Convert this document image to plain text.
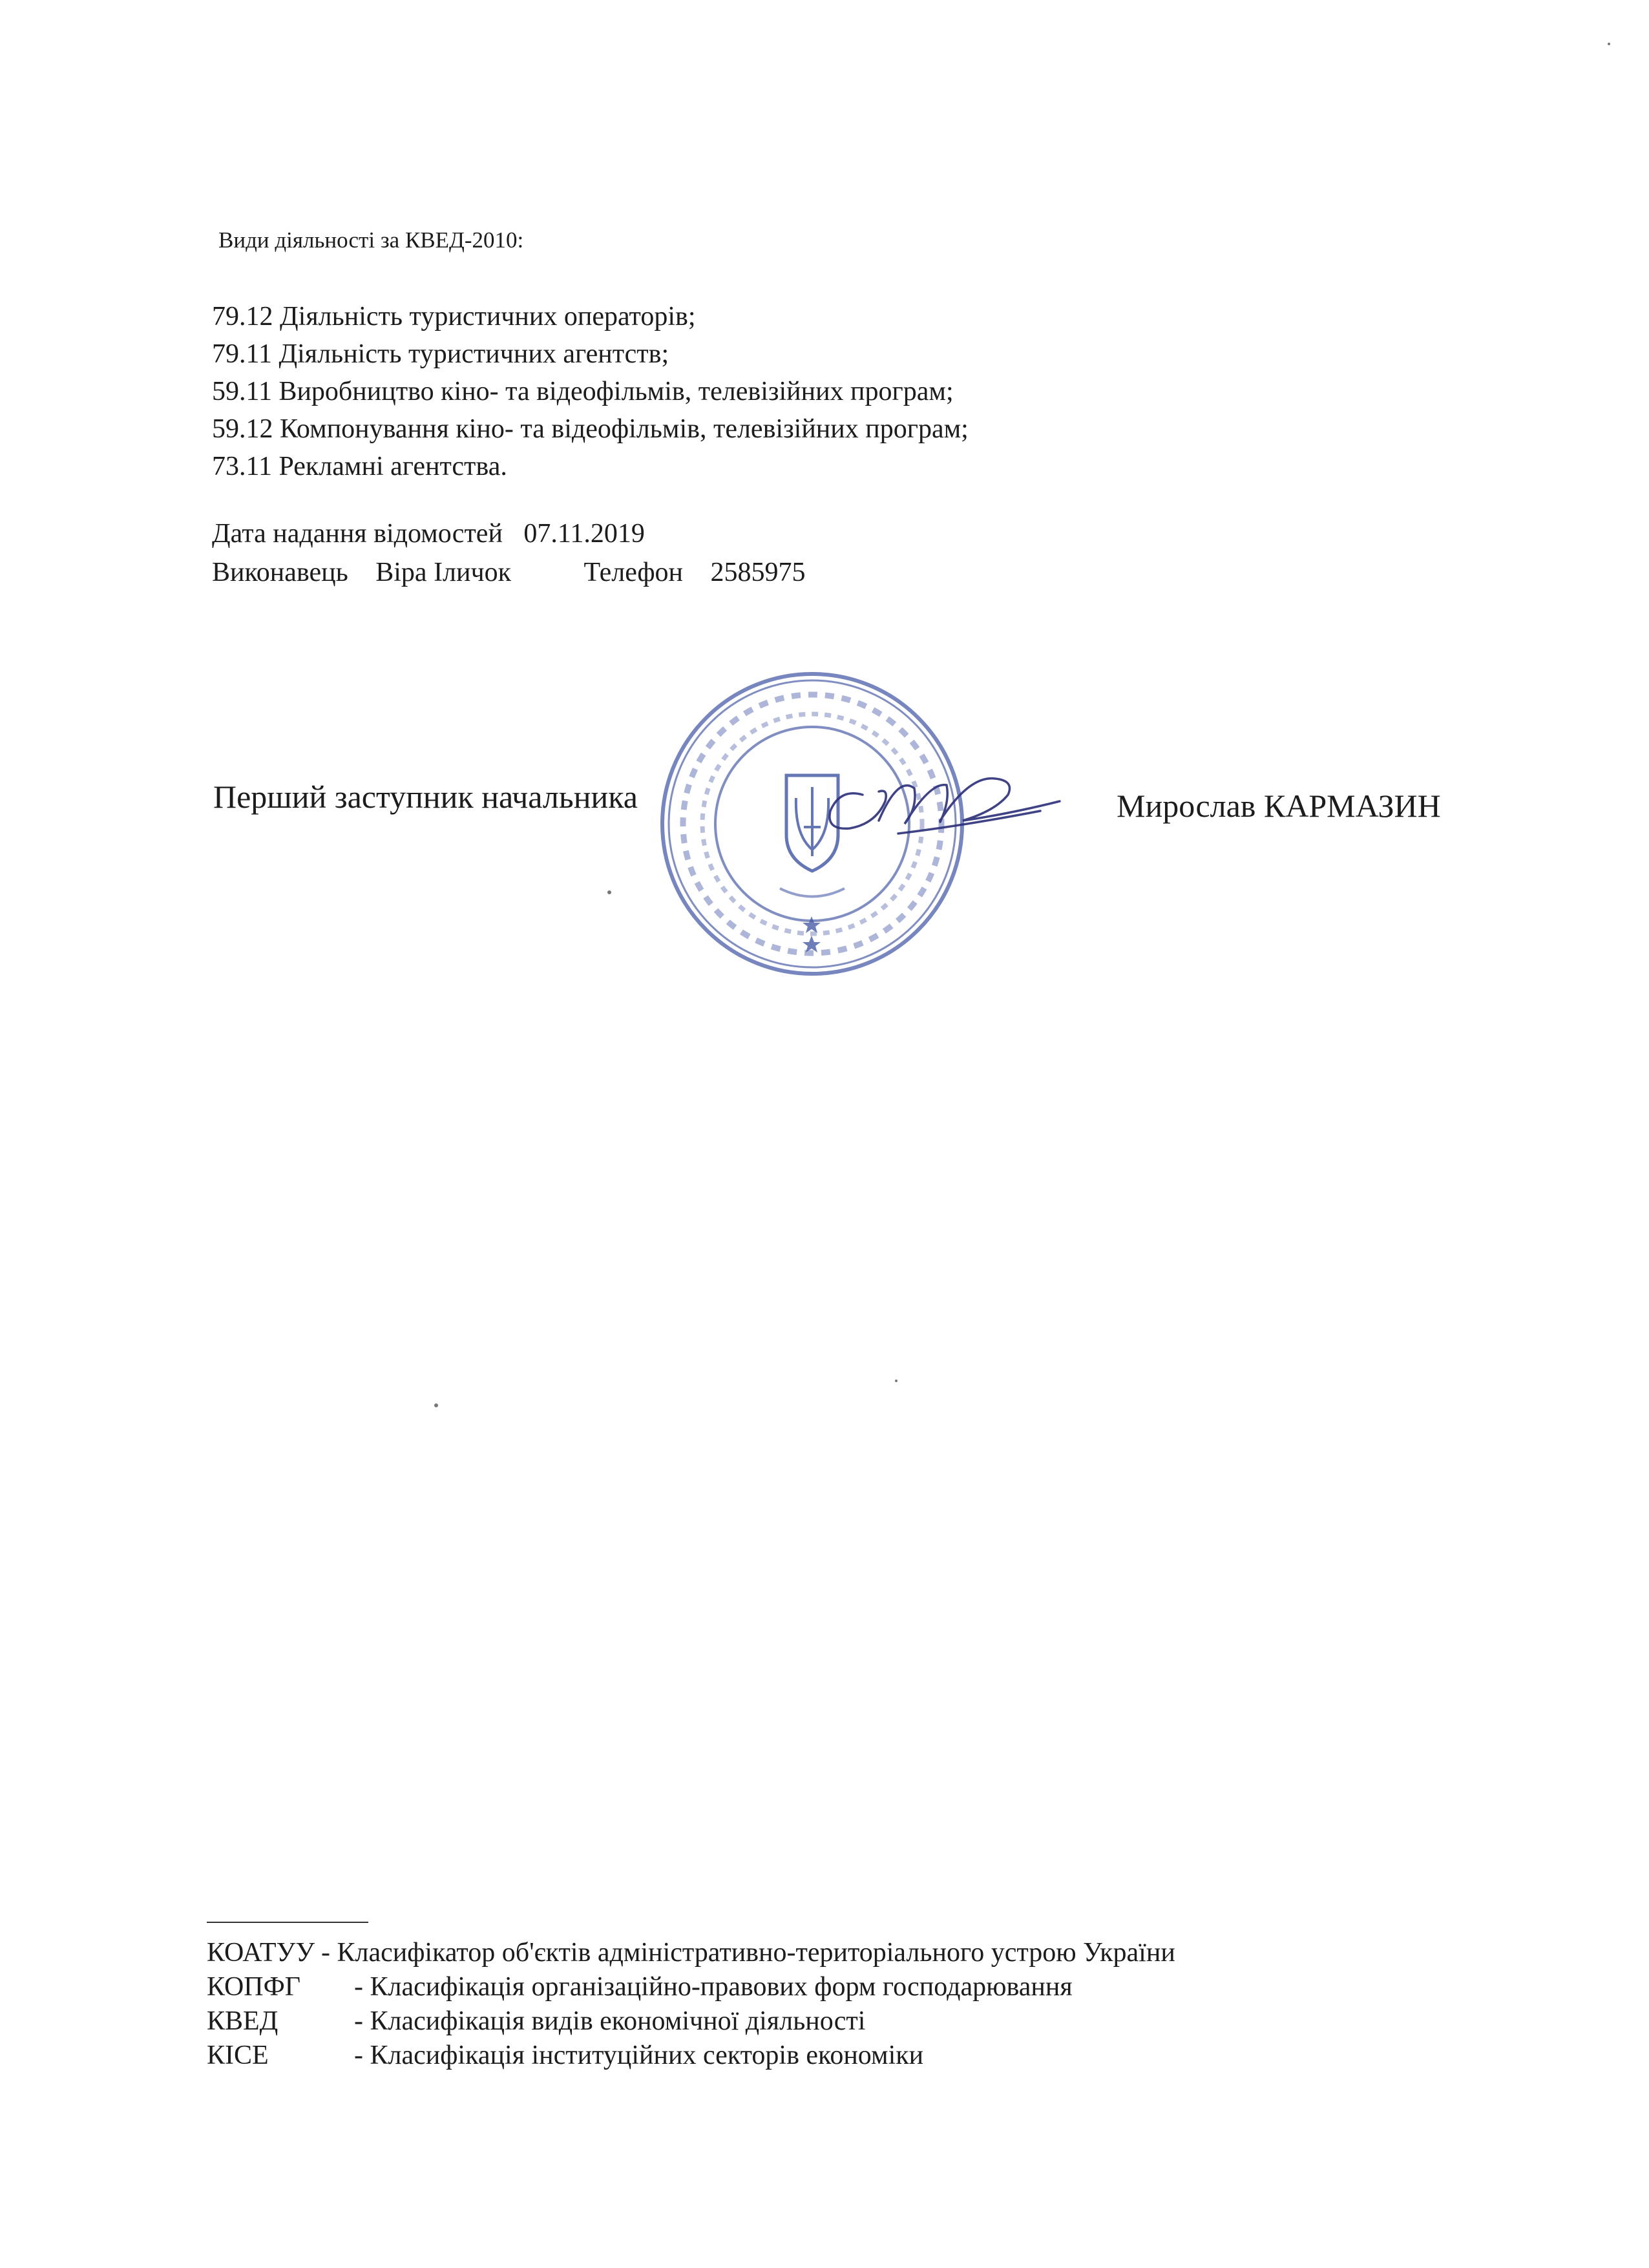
Види діяльності за КВЕД-2010:
79.12 Діяльність туристичних операторів;
79.11 Діяльність туристичних агентств;
59.11 Виробництво кіно- та відеофільмів, телевізійних програм;
59.12 Компонування кіно- та відеофільмів, телевізійних програм;
73.11 Рекламні агентства.
Дата надання відомостей 07.11.2019
Виконавець Віра Іличок	Телефон 2585975
Перший заступник начальника	Мирослав КАРМАЗИН
КОАТУУ - Класифікатор об'єктів адміністративно-територіального устрою України
КОПФГ - Класифікація організаційно-правових форм господарювання
КВЕД	- Класифікація видів економічної діяльності
КІСЕ	- Класифікація інституційних секторів економіки
